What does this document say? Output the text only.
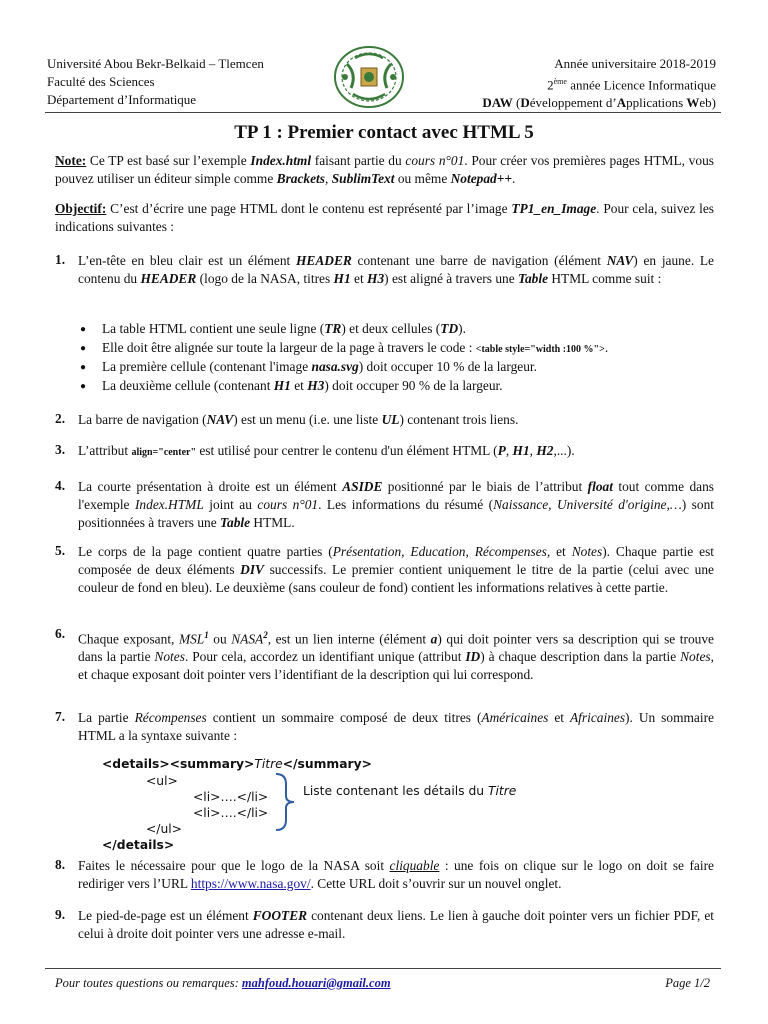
Université Abou Bekr-Belkaid – Tlemcen
Faculté des Sciences
Département d’Informatique
Année universitaire 2018-2019
2ème année Licence Informatique
DAW (Développement d’Applications Web)
TP 1 : Premier contact avec HTML 5
Note: Ce TP est basé sur l’exemple Index.html faisant partie du cours n°01. Pour créer vos premières pages HTML, vous pouvez utiliser un éditeur simple comme Brackets, SublimText ou même Notepad++.
Objectif: C’est d’écrire une page HTML dont le contenu est représenté par l’image TP1_en_Image. Pour cela, suivez les indications suivantes :
1. L’en-tête en bleu clair est un élément HEADER contenant une barre de navigation (élément NAV) en jaune. Le contenu du HEADER (logo de la NASA, titres H1 et H3) est aligné à travers une Table HTML comme suit :
● La table HTML contient une seule ligne (TR) et deux cellules (TD).
● Elle doit être alignée sur toute la largeur de la page à travers le code : <table style="width :100 %">.
● La première cellule (contenant l'image nasa.svg) doit occuper 10 % de la largeur.
● La deuxième cellule (contenant H1 et H3) doit occuper 90 % de la largeur.
2. La barre de navigation (NAV) est un menu (i.e. une liste UL) contenant trois liens.
3. L’attribut align="center" est utilisé pour centrer le contenu d'un élément HTML (P, H1, H2,...).
4. La courte présentation à droite est un élément ASIDE positionné par le biais de l’attribut float tout comme dans l'exemple Index.HTML joint au cours n°01. Les informations du résumé (Naissance, Université d'origine,…) sont positionnées à travers une Table HTML.
5. Le corps de la page contient quatre parties (Présentation, Education, Récompenses, et Notes). Chaque partie est composée de deux éléments DIV successifs. Le premier contient uniquement le titre de la partie (celui avec une couleur de fond en bleu). Le deuxième (sans couleur de fond) contient les informations relatives à cette partie.
6. Chaque exposant, MSL$^1$ ou NASA$^2$, est un lien interne (élément a) qui doit pointer vers sa description qui se trouve dans la partie Notes. Pour cela, accordez un identifiant unique (attribut ID) à chaque description dans la partie Notes, et chaque exposant doit pointer vers l’identifiant de la description qui lui correspond.
7. La partie Récompenses contient un sommaire composé de deux titres (Américaines et Africaines). Un sommaire HTML a la syntaxe suivante :
<details><summary>Titre</summary>
<ul>
<li>….</li>
<li>….</li>
</ul>
</details>
Liste contenant les détails du Titre
8. Faites le nécessaire pour que le logo de la NASA soit cliquable : une fois on clique sur le logo on doit se faire rediriger vers l’URL https://www.nasa.gov/. Cette URL doit s’ouvrir sur un nouvel onglet.
9. Le pied-de-page est un élément FOOTER contenant deux liens. Le lien à gauche doit pointer vers un fichier PDF, et celui à droite doit pointer vers une adresse e-mail.
Pour toutes questions ou remarques: mahfoud.houari@gmail.com	Page 1/2
